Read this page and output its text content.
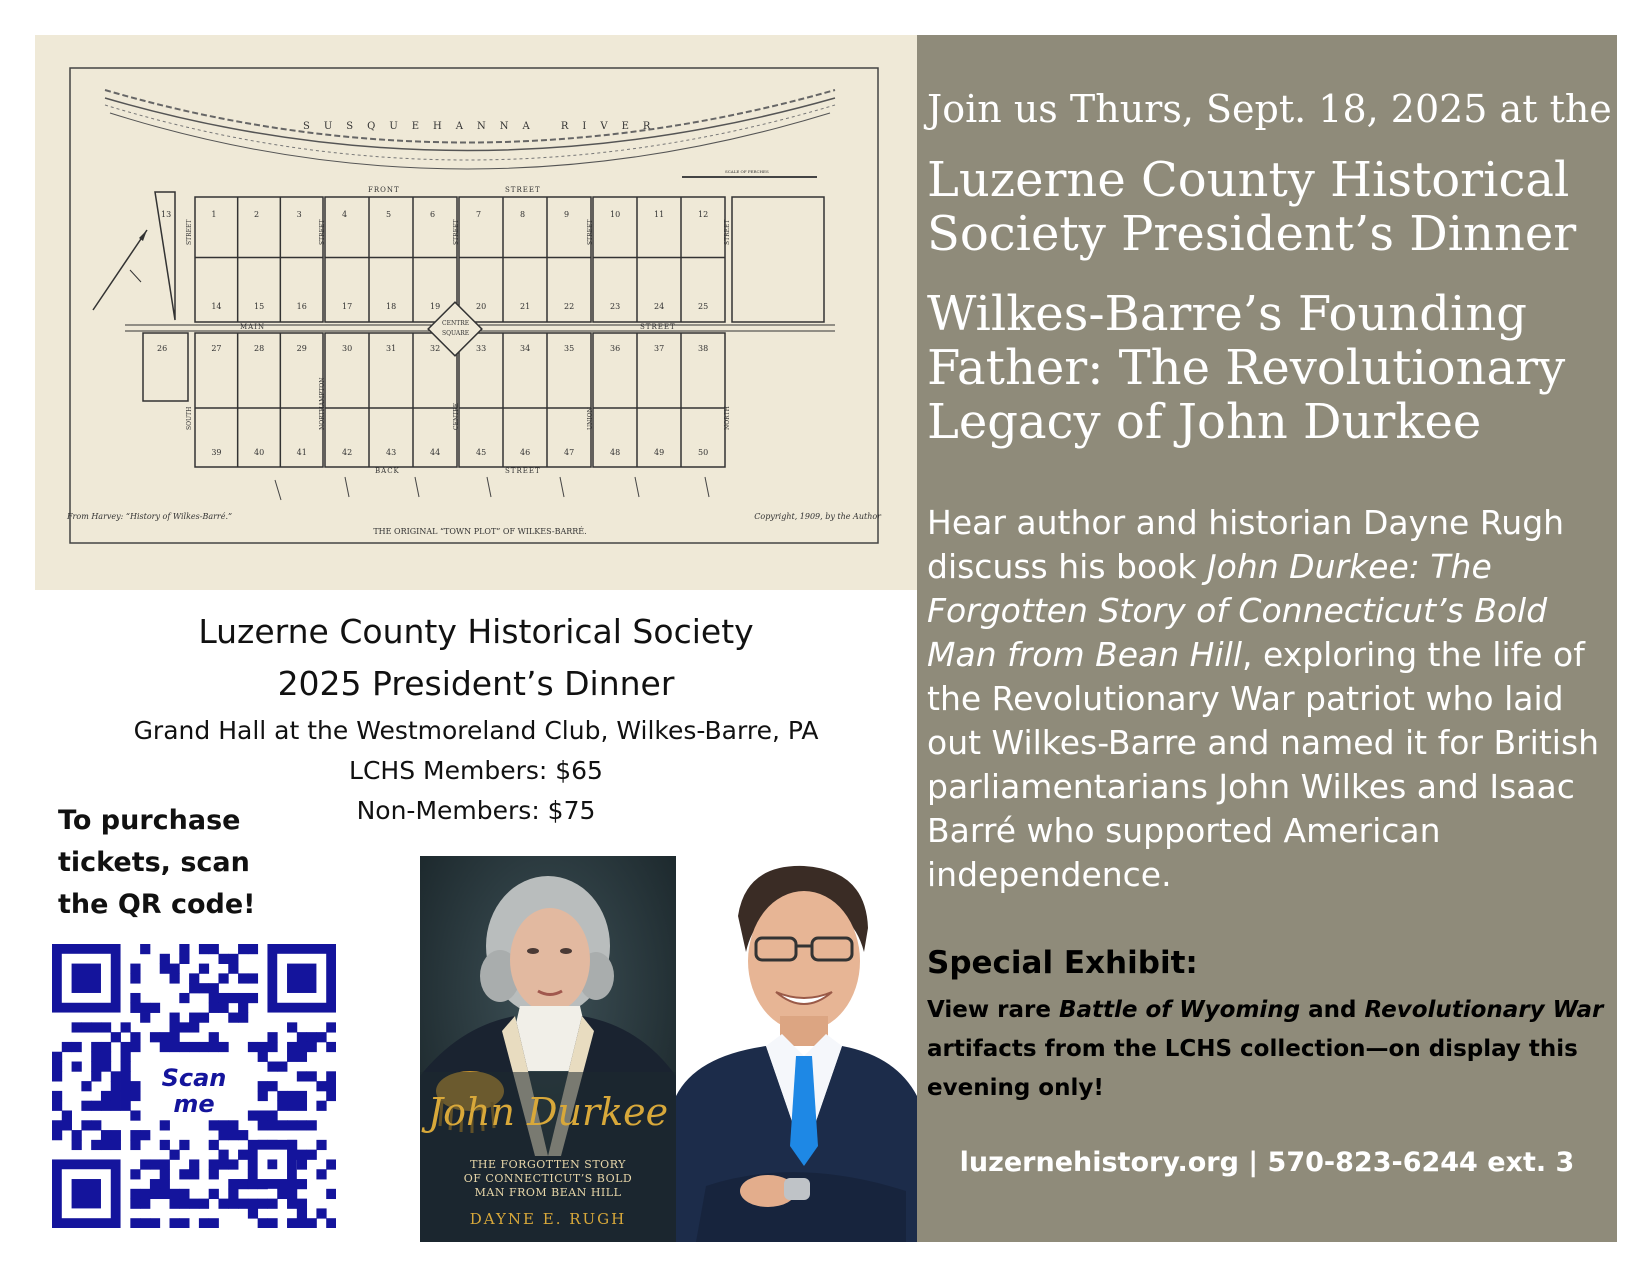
SUSQUEHANNA RIVER
SCALE OF PERCHES
13
CENTRE
SQUARE
FRONT	STREET
MAIN	STREET
BACK	STREET
STREET
SOUTH
STREET
NORTHAMPTON
STREET
CENTRE
STREET
UNION
STREET
NORTH
1	2	3	4	5	6	7	8	9	10	11	12
14	15	16	17	18	19	20	21	22	23	24	25
26	27	28	29	30	31	32	33	34	35	36	37	38
39	40	41	42	43	44	45	46	47	48	49	50
From Harvey: “History of Wilkes-Barré.”	Copyright, 1909, by the Author
THE ORIGINAL “TOWN PLOT” OF WILKES-BARRÉ.

Luzerne County Historical Society

2025 President’s Dinner

Grand Hall at the Westmoreland Club, Wilkes-Barre, PA

LCHS Members: $65

Non-Members: $75

To purchase tickets, scan the QR code!

Scan
me	John Durkee

THE FORGOTTEN STORY
OF CONNECTICUT’S BOLD
MAN FROM BEAN HILL

DAYNE E. RUGH

Join us Thurs, Sept. 18, 2025 at the

Luzerne County Historical
Society President’s Dinner
Wilkes-Barre’s Founding
Father: The Revolutionary
Legacy of John Durkee

Hear author and historian Dayne Rugh discuss his book John Durkee: The Forgotten Story of Connecticut’s Bold Man from Bean Hill, exploring the life of the Revolutionary War patriot who laid out Wilkes-Barre and named it for British parliamentarians John Wilkes and Isaac Barré who supported American independence.

Special Exhibit:

View rare Battle of Wyoming and Revolutionary War artifacts from the LCHS collection—on display this evening only!

luzernehistory.org | 570-823-6244 ext. 3
